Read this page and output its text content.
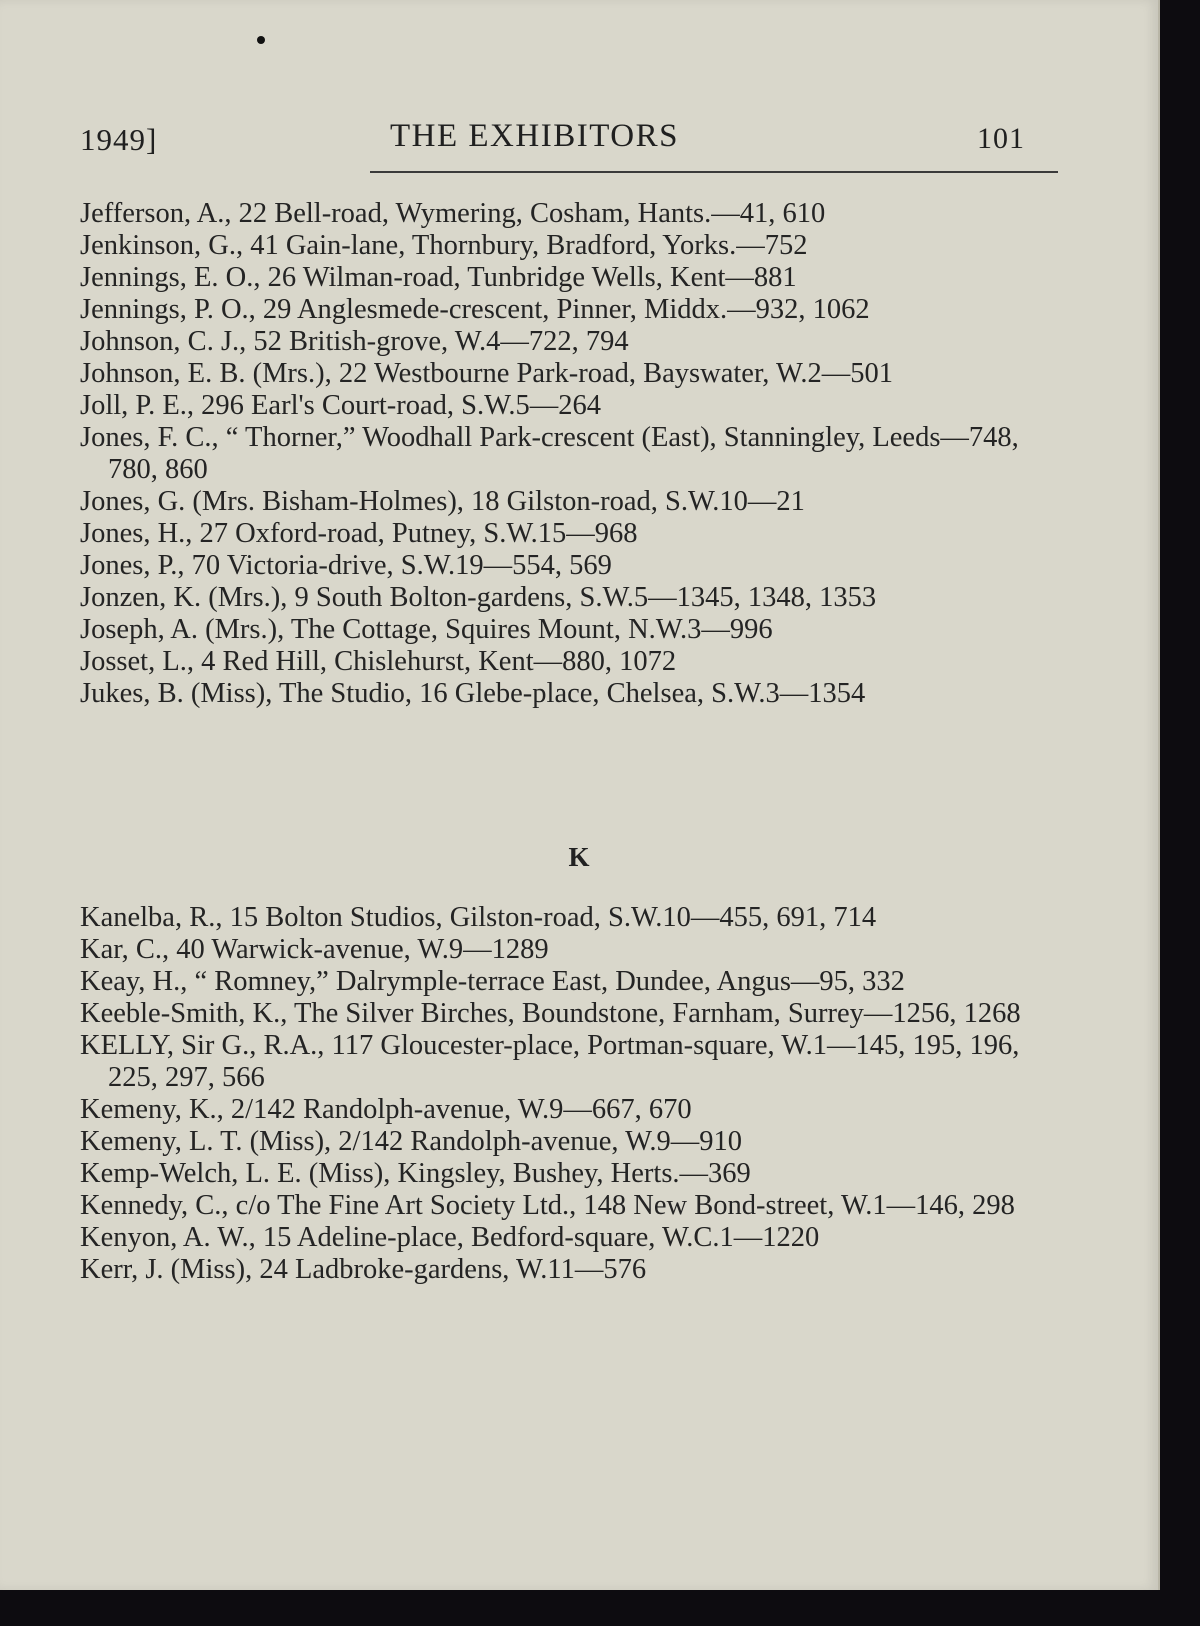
1949]	THE EXHIBITORS	101
Jefferson, A., 22 Bell-road, Wymering, Cosham, Hants.—41, 610
Jenkinson, G., 41 Gain-lane, Thornbury, Bradford, Yorks.—752
Jennings, E. O., 26 Wilman-road, Tunbridge Wells, Kent—881
Jennings, P. O., 29 Anglesmede-crescent, Pinner, Middx.—932, 1062
Johnson, C. J., 52 British-grove, W.4—722, 794
Johnson, E. B. (Mrs.), 22 Westbourne Park-road, Bayswater, W.2—501
Joll, P. E., 296 Earl's Court-road, S.W.5—264
Jones, F. C., “ Thorner,” Woodhall Park-crescent (East), Stanningley, Leeds—748, 780, 860
Jones, G. (Mrs. Bisham-Holmes), 18 Gilston-road, S.W.10—21
Jones, H., 27 Oxford-road, Putney, S.W.15—968
Jones, P., 70 Victoria-drive, S.W.19—554, 569
Jonzen, K. (Mrs.), 9 South Bolton-gardens, S.W.5—1345, 1348, 1353
Joseph, A. (Mrs.), The Cottage, Squires Mount, N.W.3—996
Josset, L., 4 Red Hill, Chislehurst, Kent—880, 1072
Jukes, B. (Miss), The Studio, 16 Glebe-place, Chelsea, S.W.3—1354
K
Kanelba, R., 15 Bolton Studios, Gilston-road, S.W.10—455, 691, 714
Kar, C., 40 Warwick-avenue, W.9—1289
Keay, H., “ Romney,” Dalrymple-terrace East, Dundee, Angus—95, 332
Keeble-Smith, K., The Silver Birches, Boundstone, Farnham, Surrey—1256, 1268
KELLY, Sir G., R.A., 117 Gloucester-place, Portman-square, W.1—145, 195, 196, 225, 297, 566
Kemeny, K., 2/142 Randolph-avenue, W.9—667, 670
Kemeny, L. T. (Miss), 2/142 Randolph-avenue, W.9—910
Kemp-Welch, L. E. (Miss), Kingsley, Bushey, Herts.—369
Kennedy, C., c/o The Fine Art Society Ltd., 148 New Bond-street, W.1—146, 298
Kenyon, A. W., 15 Adeline-place, Bedford-square, W.C.1—1220
Kerr, J. (Miss), 24 Ladbroke-gardens, W.11—576
